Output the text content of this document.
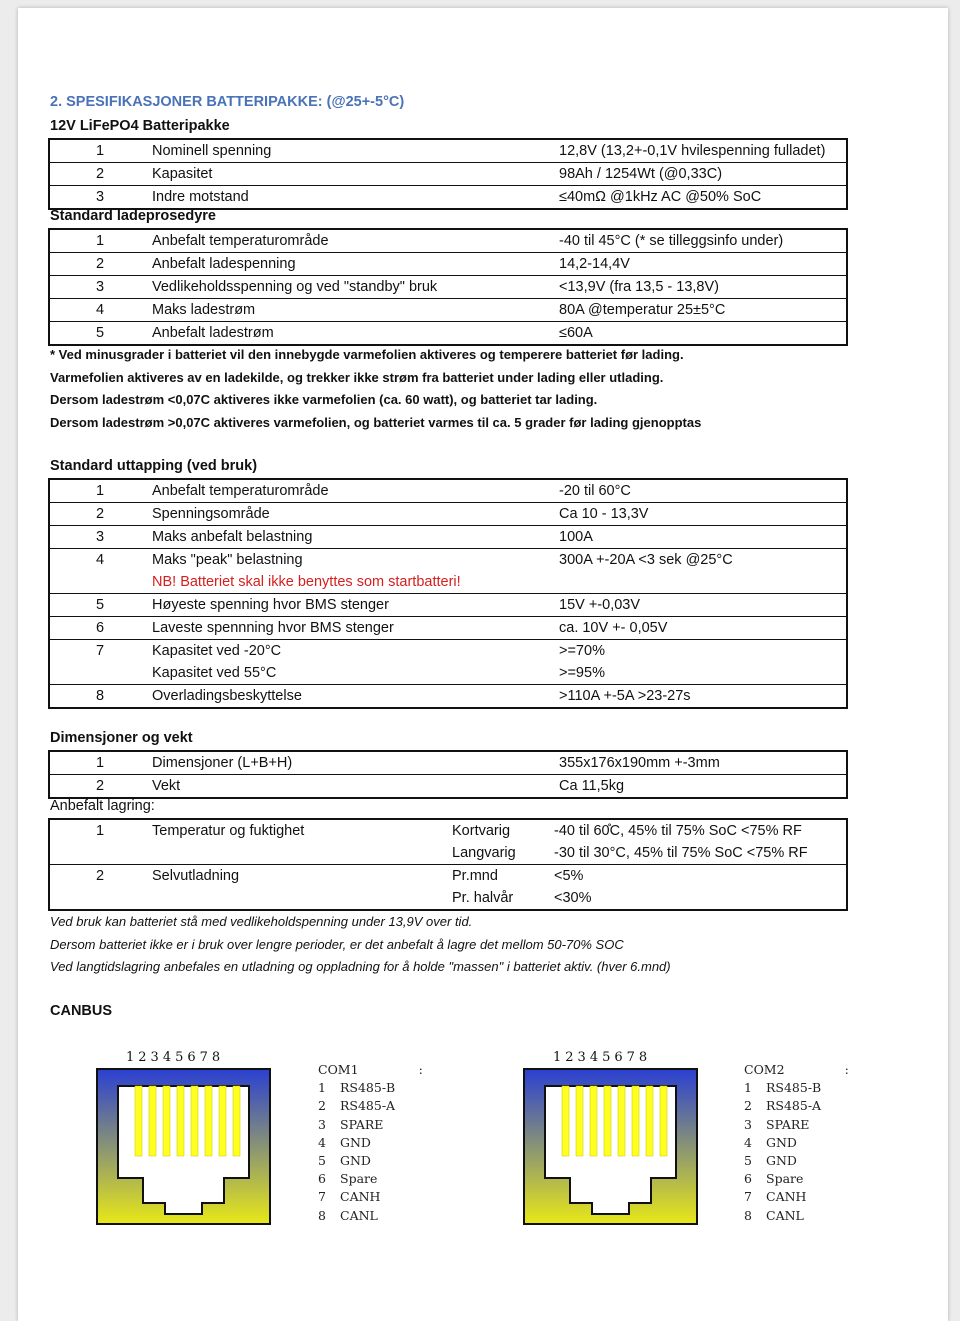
2. SPESIFIKASJONER BATTERIPAKKE: (@25+-5°C)
12V LiFePO4 Batteripakke
1	Nominell spenning	12,8V (13,2+-0,1V hvilespenning fulladet)
2	Kapasitet	98Ah / 1254Wt (@0,33C)
3	Indre motstand	≤40mΩ @1kHz AC @50% SoC
Standard ladeprosedyre
1	Anbefalt temperaturområde	-40 til 45°C (* se tilleggsinfo under)
2	Anbefalt ladespenning	14,2-14,4V
3	Vedlikeholdsspenning og ved "standby" bruk	<13,9V (fra 13,5 - 13,8V)
4	Maks ladestrøm	80A @temperatur 25±5°C
5	Anbefalt ladestrøm	≤60A
* Ved minusgrader i batteriet vil den innebygde varmefolien aktiveres og temperere batteriet før lading.
Varmefolien aktiveres av en ladekilde, og trekker ikke strøm fra batteriet under lading eller utlading.
Dersom ladestrøm <0,07C aktiveres ikke varmefolien (ca. 60 watt), og batteriet tar lading.
Dersom ladestrøm >0,07C aktiveres varmefolien, og batteriet varmes til ca. 5 grader før lading gjenopptas
Standard uttapping (ved bruk)
1	Anbefalt temperaturområde	-20 til 60°C
2	Spenningsområde	Ca 10 - 13,3V
3	Maks anbefalt belastning	100A
4	Maks "peak" belastning	300A +-20A <3 sek @25°C
	NB! Batteriet skal ikke benyttes som startbatteri!	
5	Høyeste spenning hvor BMS stenger	15V +-0,03V
6	Laveste spennning hvor BMS stenger	ca. 10V +- 0,05V
7	Kapasitet ved -20°C	>=70%
	Kapasitet ved 55°C	>=95%
8	Overladingsbeskyttelse	>110A +-5A >23-27s
Dimensjoner og vekt
1	Dimensjoner (L+B+H)	355x176x190mm +-3mm
2	Vekt	Ca 11,5kg
Anbefalt lagring:
1	Temperatur og fuktighet	Kortvarig	-40 til 60̊C, 45% til 75% SoC <75% RF
		Langvarig	-30 til 30°C, 45% til 75% SoC <75% RF
2	Selvutladning	Pr.mnd	<5%
		Pr. halvår	<30%
Ved bruk kan batteriet stå med vedlikeholdspenning under 13,9V over tid.
Dersom batteriet ikke er i bruk over lengre perioder, er det anbefalt å lagre det mellom 50-70% SOC
Ved langtidslagring anbefales en utladning og oppladning for å holde "massen" i batteriet aktiv. (hver 6.mnd)
CANBUS
12345678
COM1	:
1 RS485-B
2 RS485-A
3 SPARE
4 GND
5 GND
6 Spare
7 CANH
8 CANL
12345678
COM2	:
1 RS485-B
2 RS485-A
3 SPARE
4 GND
5 GND
6 Spare
7 CANH
8 CANL
